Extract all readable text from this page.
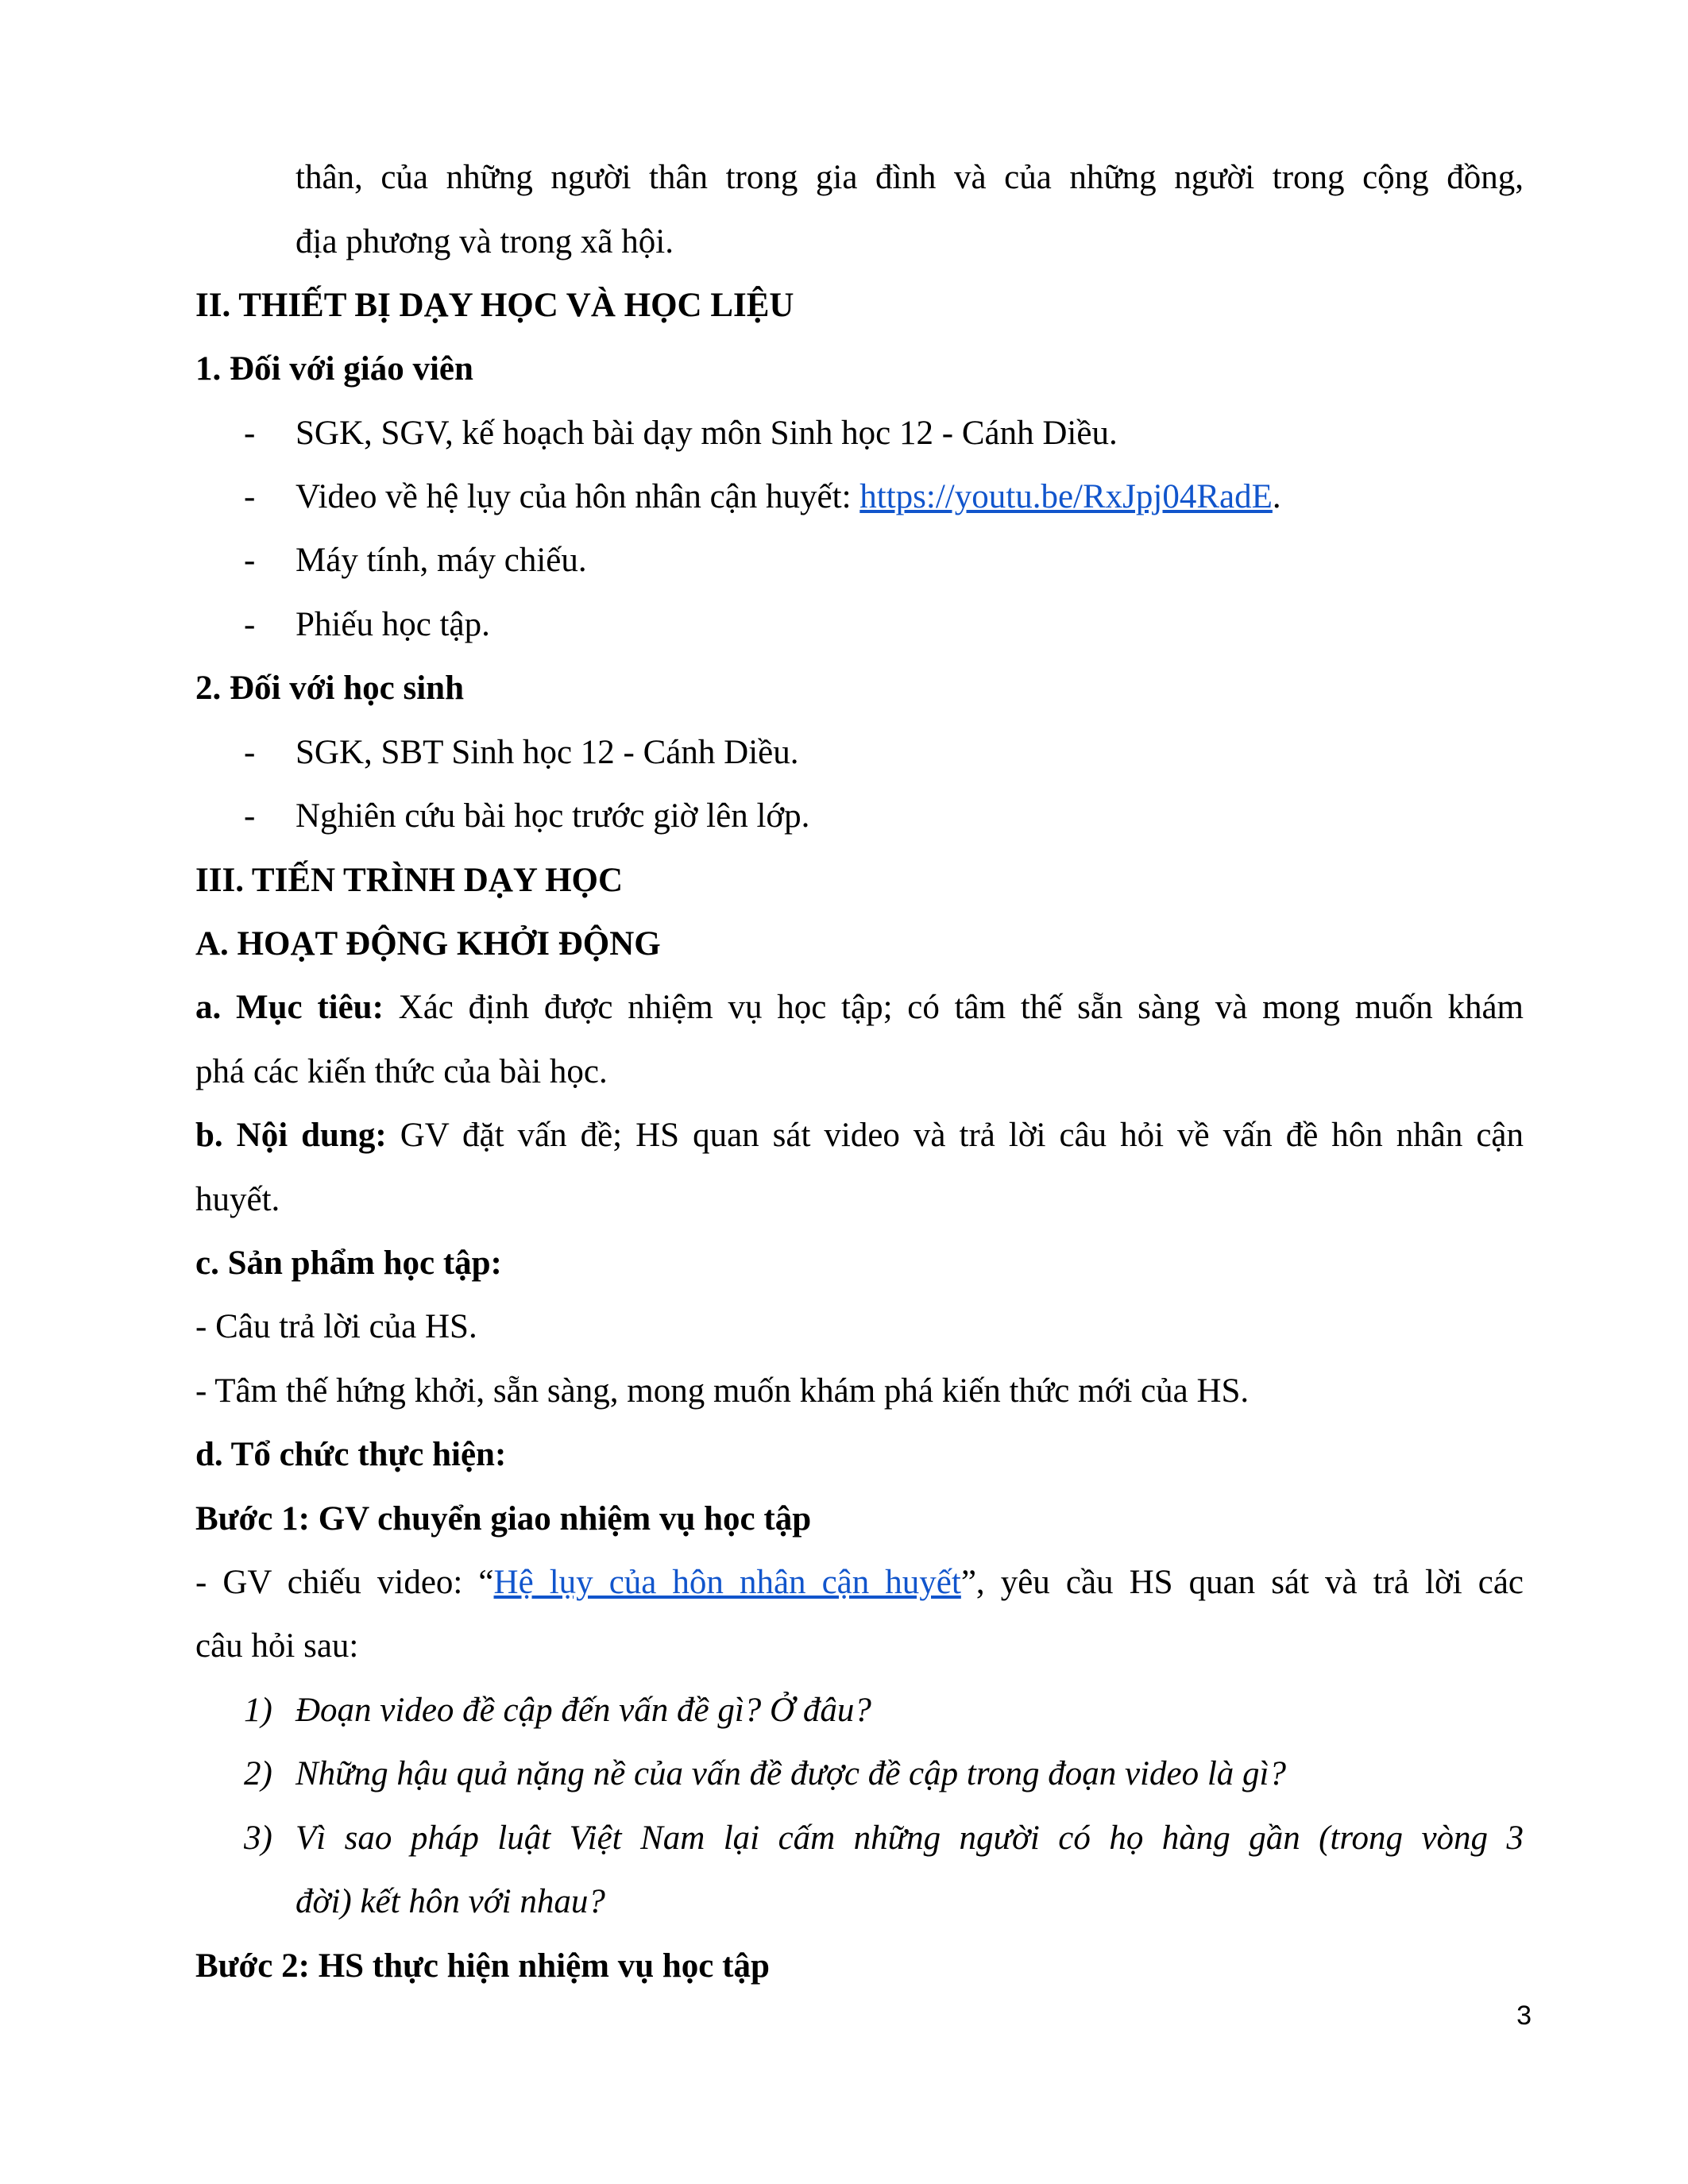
thân, của những người thân trong gia đình và của những người trong cộng đồng,
địa phương và trong xã hội.
II. THIẾT BỊ DẠY HỌC VÀ HỌC LIỆU
1. Đối với giáo viên
- SGK, SGV, kế hoạch bài dạy môn Sinh học 12 - Cánh Diều.
- Video về hệ lụy của hôn nhân cận huyết: https://youtu.be/RxJpj04RadE.
- Máy tính, máy chiếu.
- Phiếu học tập.
2. Đối với học sinh
- SGK, SBT Sinh học 12 - Cánh Diều.
- Nghiên cứu bài học trước giờ lên lớp.
III. TIẾN TRÌNH DẠY HỌC
A. HOẠT ĐỘNG KHỞI ĐỘNG
a. Mục tiêu: Xác định được nhiệm vụ học tập; có tâm thế sẵn sàng và mong muốn khám
phá các kiến thức của bài học.
b. Nội dung: GV đặt vấn đề; HS quan sát video và trả lời câu hỏi về vấn đề hôn nhân cận
huyết.
c. Sản phẩm học tập:
- Câu trả lời của HS.
- Tâm thế hứng khởi, sẵn sàng, mong muốn khám phá kiến thức mới của HS.
d. Tổ chức thực hiện:
Bước 1: GV chuyển giao nhiệm vụ học tập
- GV chiếu video: “Hệ lụy của hôn nhân cận huyết”, yêu cầu HS quan sát và trả lời các
câu hỏi sau:
1) Đoạn video đề cập đến vấn đề gì? Ở đâu?
2) Những hậu quả nặng nề của vấn đề được đề cập trong đoạn video là gì?
3) Vì sao pháp luật Việt Nam lại cấm những người có họ hàng gần (trong vòng 3
đời) kết hôn với nhau?
Bước 2: HS thực hiện nhiệm vụ học tập
3
